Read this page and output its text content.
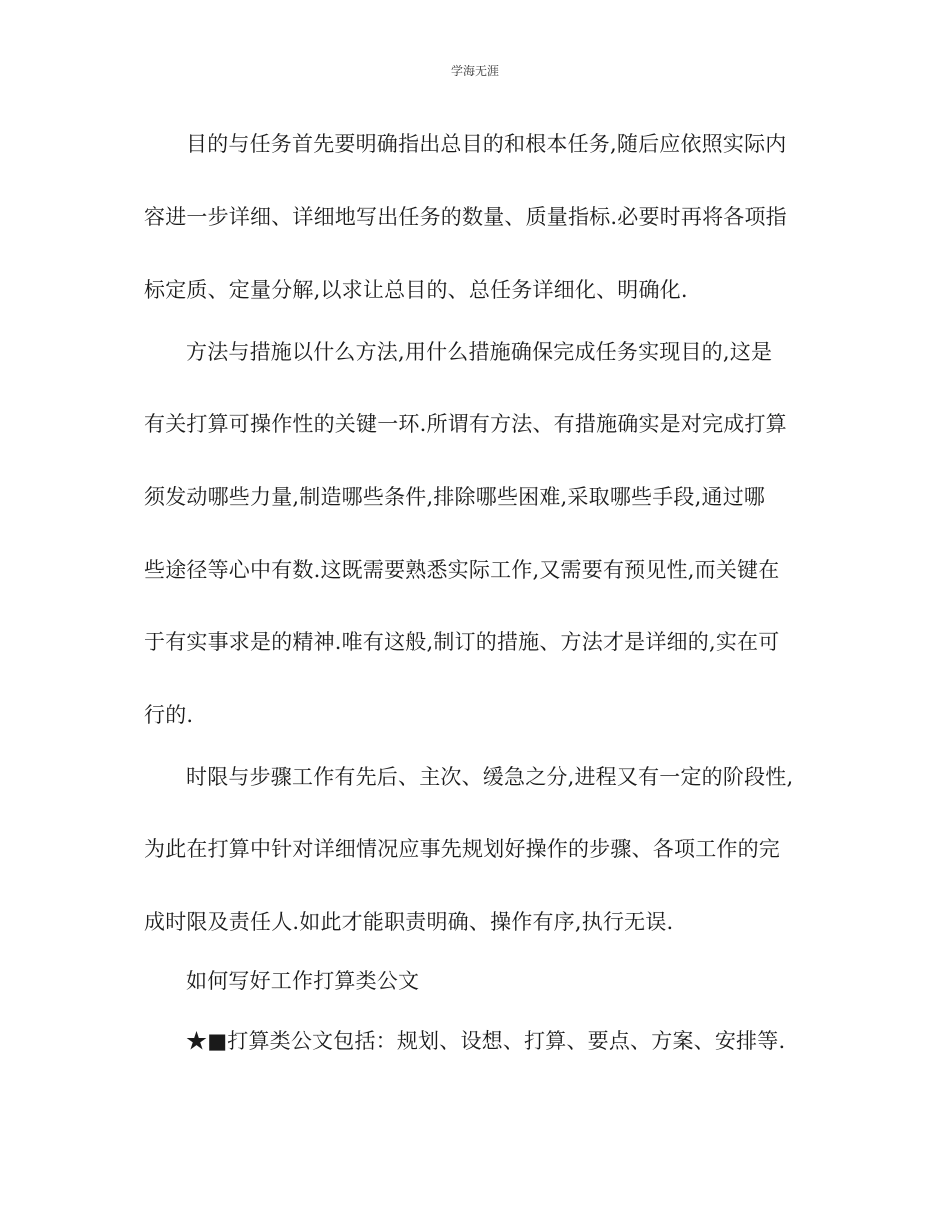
学海无涯
目的与任务首先要明确指出总目的和根本任务,随后应依照实际内
容进一步详细、详细地写出任务的数量、质量指标.必要时再将各项指
标定质、定量分解,以求让总目的、总任务详细化、明确化.
方法与措施以什么方法,用什么措施确保完成任务实现目的,这是
有关打算可操作性的关键一环.所谓有方法、有措施确实是对完成打算
须发动哪些力量,制造哪些条件,排除哪些困难,采取哪些手段,通过哪
些途径等心中有数.这既需要熟悉实际工作,又需要有预见性,而关键在
于有实事求是的精神.唯有这般,制订的措施、方法才是详细的,实在可
行的.
时限与步骤工作有先后、主次、缓急之分,进程又有一定的阶段性,
为此在打算中针对详细情况应事先规划好操作的步骤、各项工作的完
成时限及责任人.如此才能职责明确、操作有序,执行无误.
如何写好工作打算类公文
★■打算类公文包括：规划、设想、打算、要点、方案、安排等.
